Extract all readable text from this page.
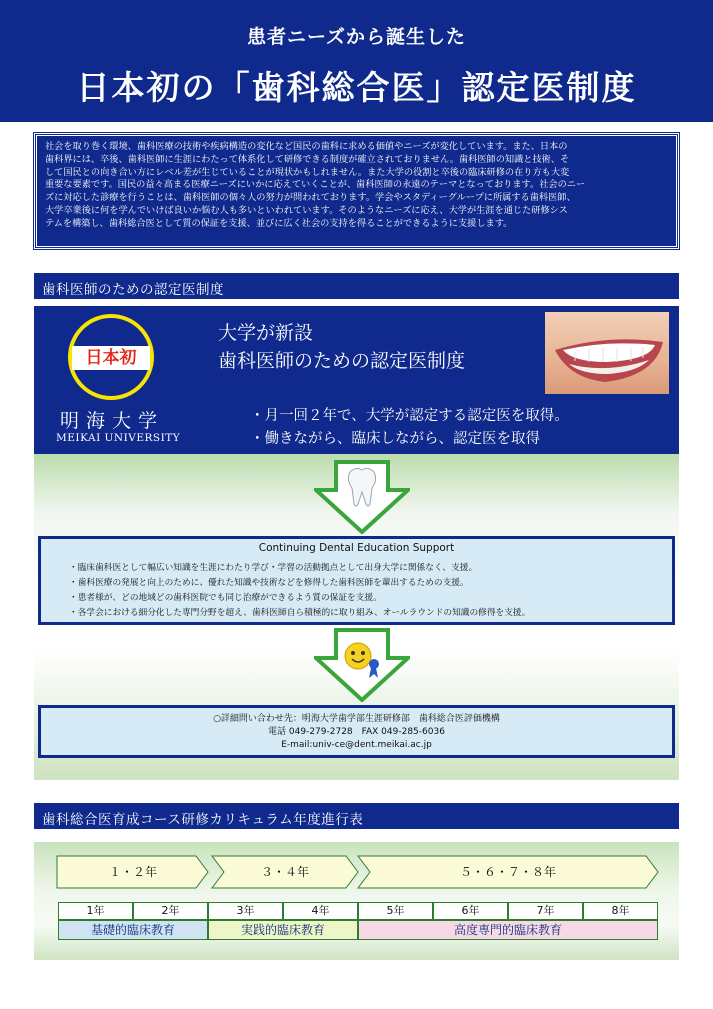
患者ニーズから誕生した
日本初の「歯科総合医」認定医制度
社会を取り巻く環境、歯科医療の技術や疾病構造の変化など国民の歯科に求める価値やニーズが変化しています。また、日本の
歯科界には、卒後、歯科医師に生涯にわたって体系化して研修できる制度が確立されておりません。歯科医師の知識と技術、そ
して国民との向き合い方にレベル差が生じていることが現状かもしれません。また大学の役割と卒後の臨床研修の在り方も大変
重要な要素です。国民の益々高まる医療ニーズにいかに応えていくことが、歯科医師の永遠のテーマとなっております。社会のニー
ズに対応した診療を行うことは、歯科医師の個々人の努力が問われております。学会やスタディーグループに所属する歯科医師、
大学卒業後に何を学んでいけば良いか悩む人も多いといわれています。そのようなニーズに応え、大学が生涯を通じた研修シス
テムを構築し、歯科総合医として質の保証を支援、並びに広く社会の支持を得ることができるように支援します。
歯科医師のための認定医制度
日本初
明海大学
MEIKAI UNIVERSITY
大学が新設
歯科医師のための認定医制度
・月一回２年で、大学が認定する認定医を取得。
・働きながら、臨床しながら、認定医を取得
Continuing Dental Education Support
・臨床歯科医として幅広い知識を生涯にわたり学び・学習の活動拠点として出身大学に関係なく、支援。
・歯科医療の発展と向上のために、優れた知識や技術などを修得した歯科医師を輩出するための支援。
・患者様が、どの地域どの歯科医院でも同じ治療ができるよう質の保証を支援。
・各学会における細分化した専門分野を超え、歯科医師自ら積極的に取り組み、オールラウンドの知識の修得を支援。
○詳細問い合わせ先：明海大学歯学部生涯研修部　歯科総合医評価機構
電話 049-279-2728　FAX 049-285-6036
E-mail:univ-ce@dent.meikai.ac.jp
歯科総合医育成コース研修カリキュラム年度進行表
１・２年	３・４年	５・６・７・８年
1年	2年	3年	4年	5年	6年	7年	8年
基礎的臨床教育	実践的臨床教育	高度専門的臨床教育
